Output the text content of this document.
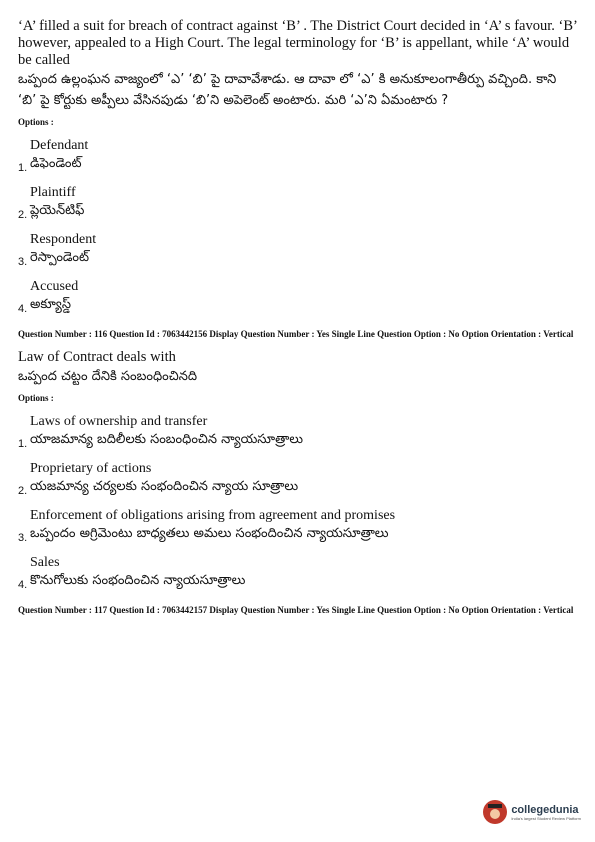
‘A’ filled a suit for breach of contract against ‘B’ . The District Court decided in ‘A’ s favour. ‘B’ however, appealed to a High Court. The legal terminology for ‘B’ is appellant, while ‘A’ would be called
ఒప్పంద ఉల్లంఘన వాజ్యంలో ‘ఎ’ ‘బి’ పై దావావేశాడు. ఆ దావా లో ‘ఎ’ కి అనుకూలంగాతీర్పు వచ్చింది. కాని ‘బి’ పై కోర్టుకు అప్పీలు వేసినపుడు ‘బి’ని అపెలెంట్ అంటారు. మరి ‘ఎ’ని ఏమంటారు ?
Options :
1.
Defendant
డిఫెండెంట్
2.
Plaintiff
ప్లెయెన్‌టిఫ్
3.
Respondent
రెస్పాండెంట్
4.
Accused
అక్యూస్డ్
Question Number : 116 Question Id : 7063442156 Display Question Number : Yes Single Line Question Option : No Option Orientation : Vertical
Law of Contract deals with
ఒప్పంద చట్టం దేనికి సంబంధించినది
Options :
1.
Laws of ownership and transfer
యాజమాన్య బదిలీలకు సంబంధించిన న్యాయసూత్రాలు
2.
Proprietary of actions
యజమాన్య చర్యలకు సంభందించిన న్యాయ సూత్రాలు
3.
Enforcement of obligations arising from agreement and promises
ఒప్పందం అగ్రిమెంటు బాధ్యతలు అమలు సంభందించిన న్యాయసూత్రాలు
4.
Sales
కొనుగోలుకు సంభందించిన న్యాయసూత్రాలు
Question Number : 117 Question Id : 7063442157 Display Question Number : Yes Single Line Question Option : No Option Orientation : Vertical
collegedunia
India's largest Student Review Platform
